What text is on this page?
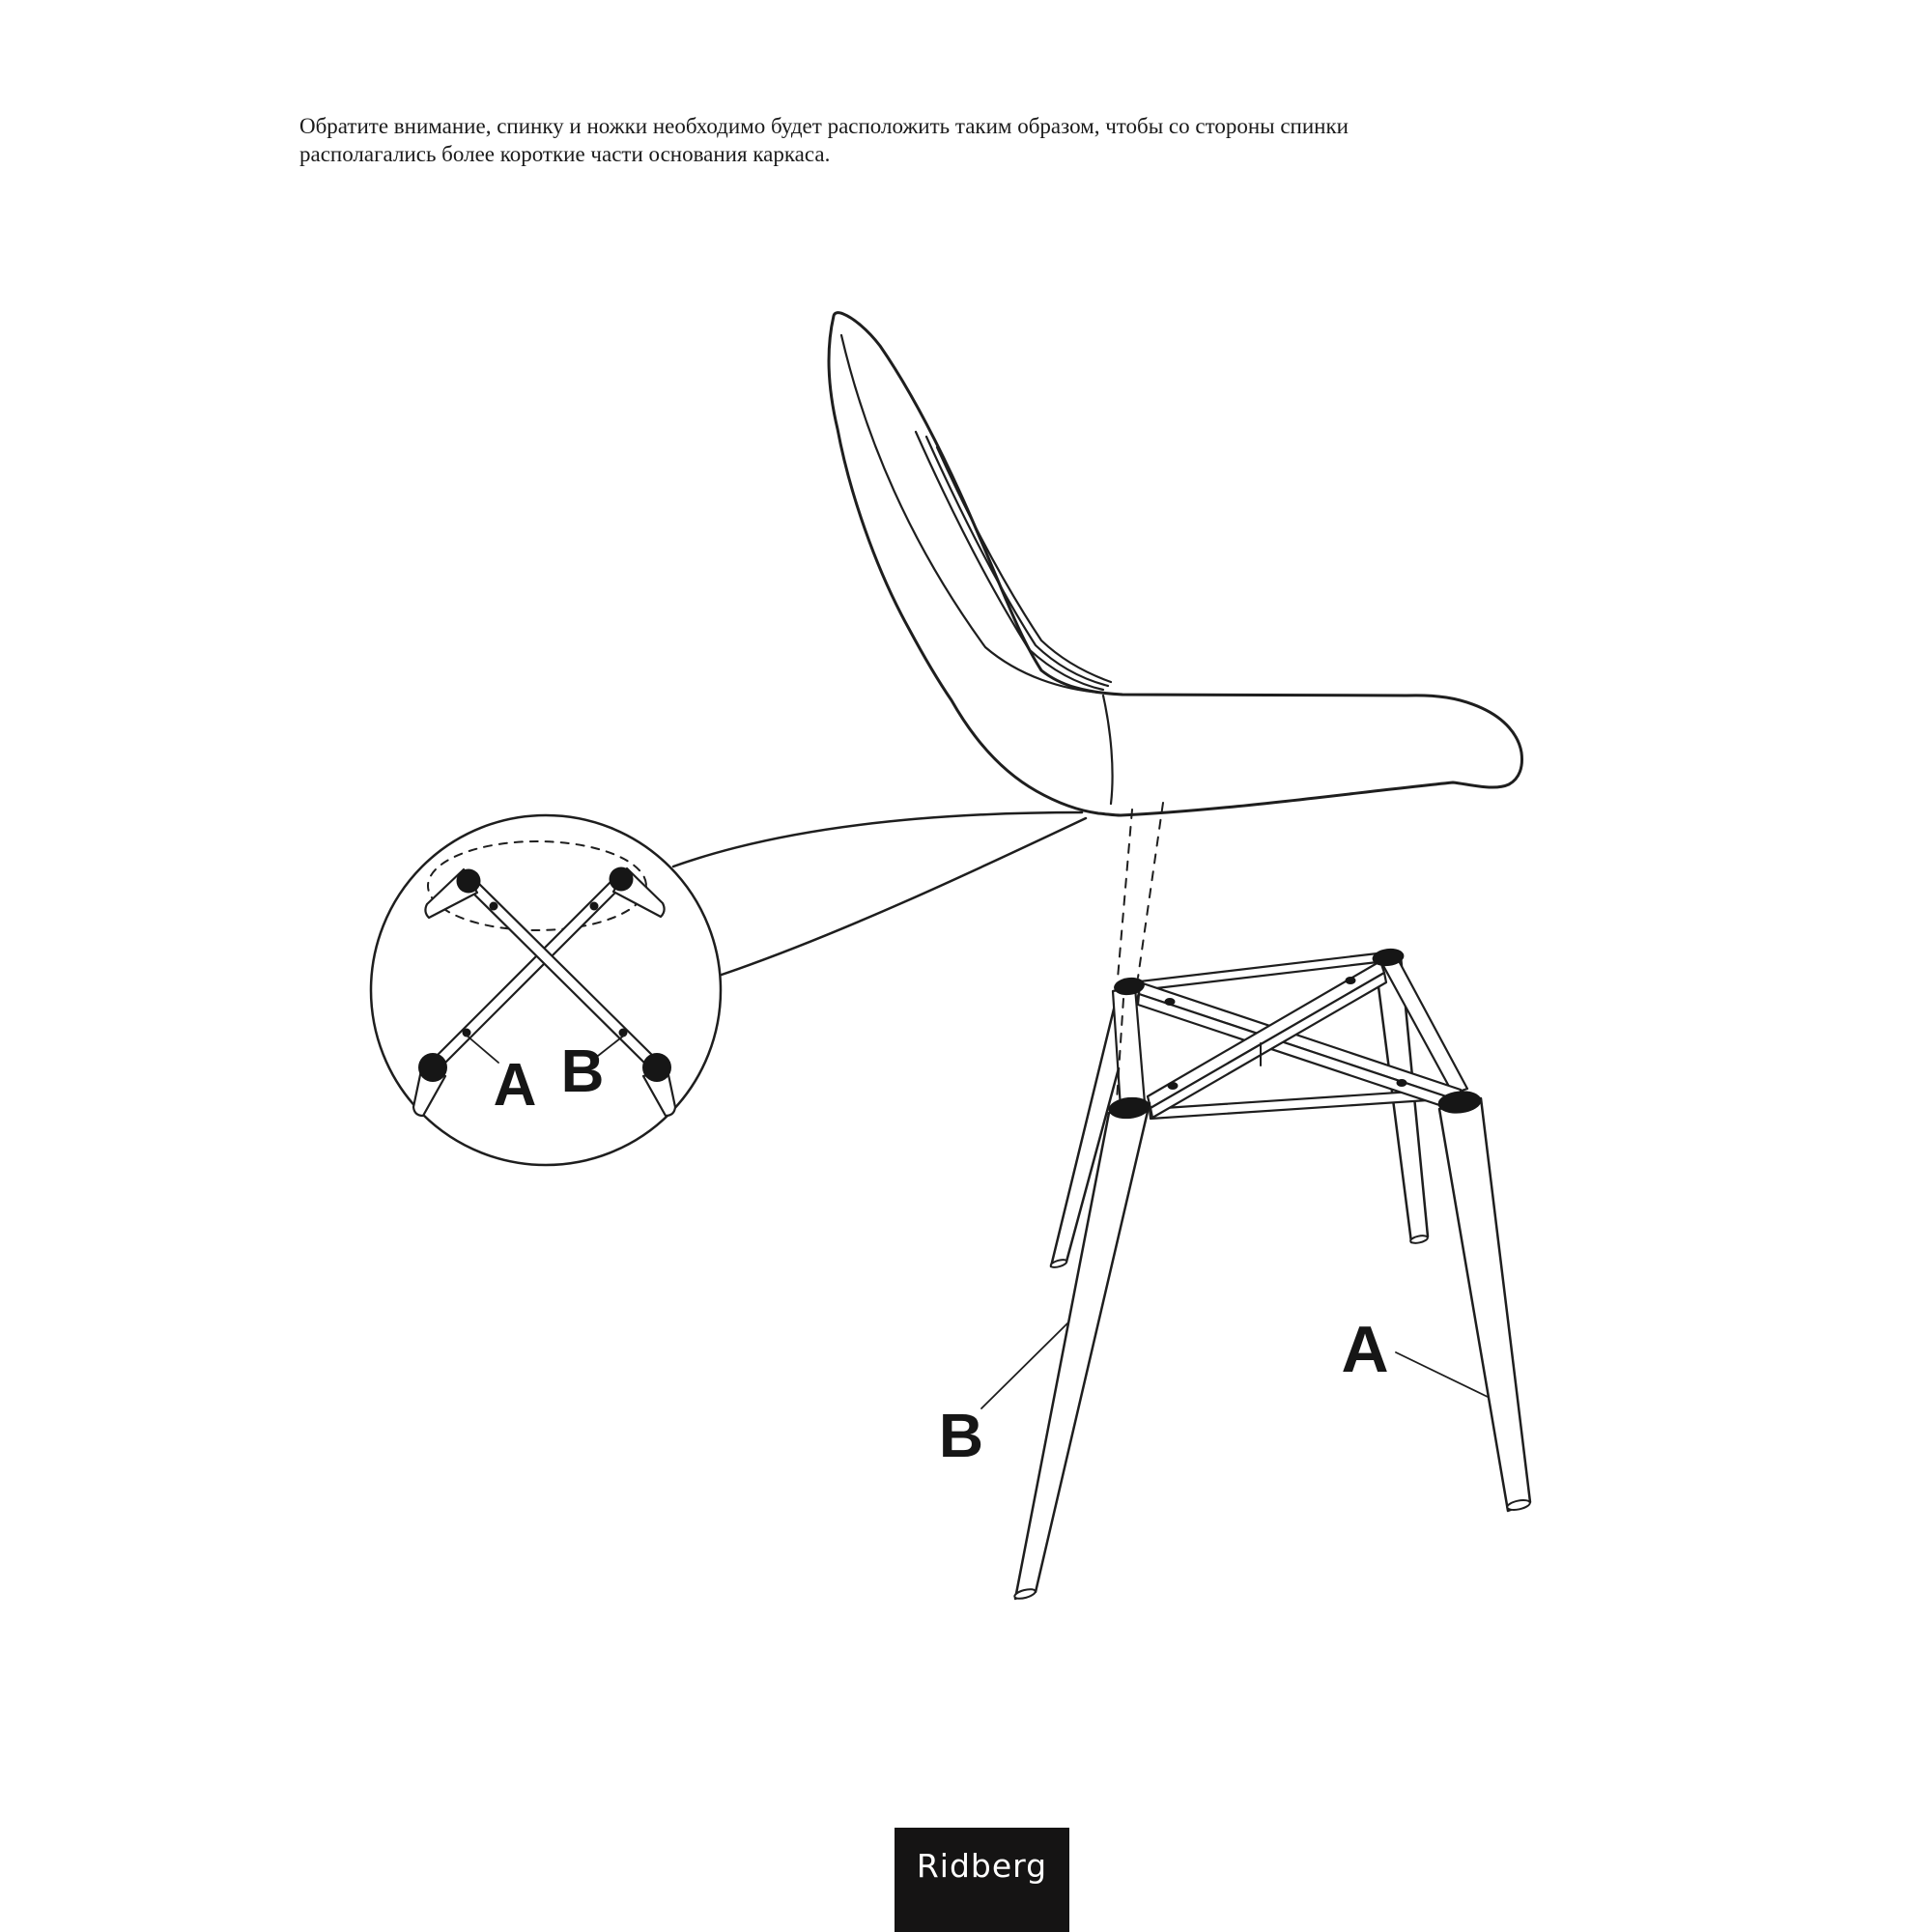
Обратите внимание, спинку и ножки необходимо будет расположить таким образом, чтобы со стороны спинки
располагались более короткие части основания каркаса.
A B
B
A
Ridberg
